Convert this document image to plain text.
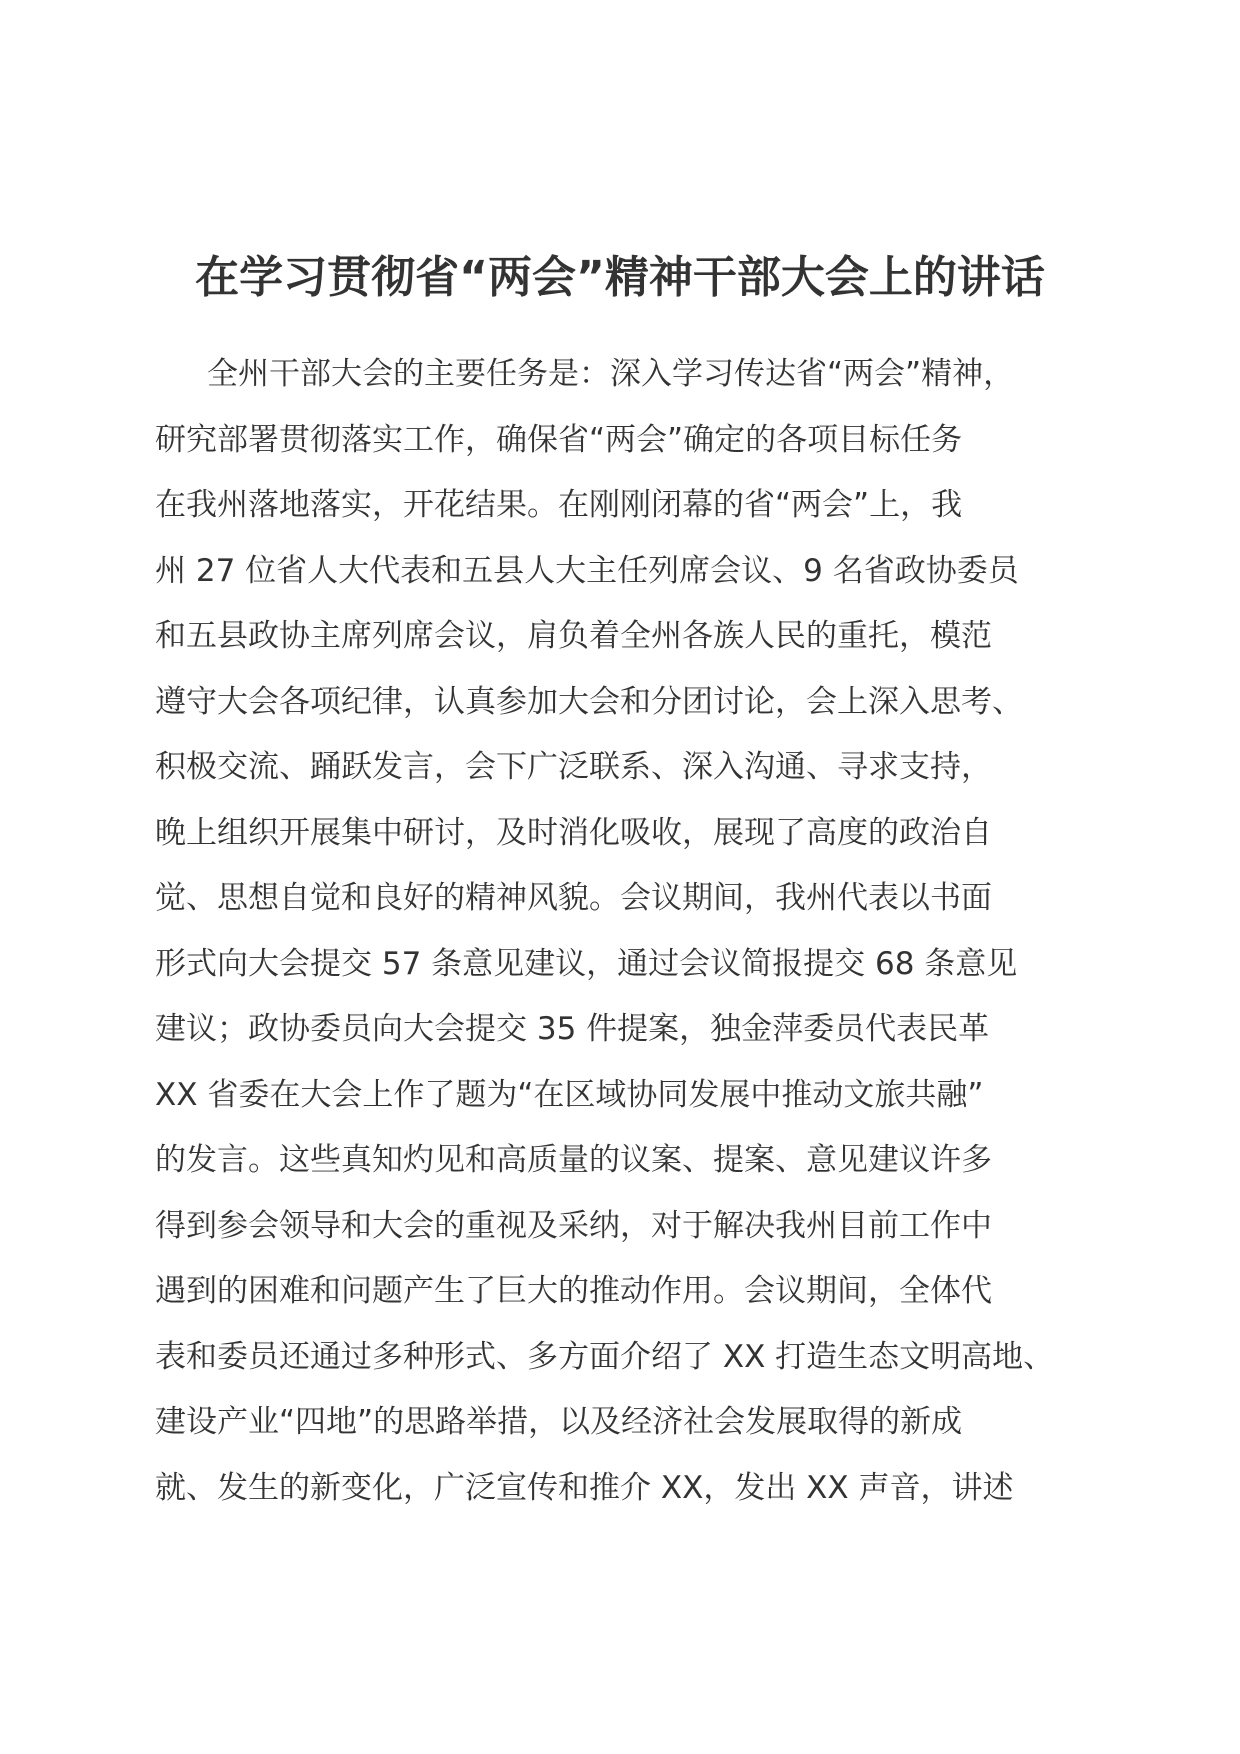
在学习贯彻省“两会”精神干部大会上的讲话
全州干部大会的主要任务是：深入学习传达省“两会”精神，
研究部署贯彻落实工作，确保省“两会”确定的各项目标任务
在我州落地落实，开花结果。在刚刚闭幕的省“两会”上，我
州 27 位省人大代表和五县人大主任列席会议、9 名省政协委员
和五县政协主席列席会议，肩负着全州各族人民的重托，模范
遵守大会各项纪律，认真参加大会和分团讨论，会上深入思考、
积极交流、踊跃发言，会下广泛联系、深入沟通、寻求支持，
晚上组织开展集中研讨，及时消化吸收，展现了高度的政治自
觉、思想自觉和良好的精神风貌。会议期间，我州代表以书面
形式向大会提交 57 条意见建议，通过会议简报提交 68 条意见
建议；政协委员向大会提交 35 件提案，独金萍委员代表民革
XX 省委在大会上作了题为“在区域协同发展中推动文旅共融”
的发言。这些真知灼见和高质量的议案、提案、意见建议许多
得到参会领导和大会的重视及采纳，对于解决我州目前工作中
遇到的困难和问题产生了巨大的推动作用。会议期间，全体代
表和委员还通过多种形式、多方面介绍了 XX 打造生态文明高地、
建设产业“四地”的思路举措，以及经济社会发展取得的新成
就、发生的新变化，广泛宣传和推介 XX，发出 XX 声音，讲述
